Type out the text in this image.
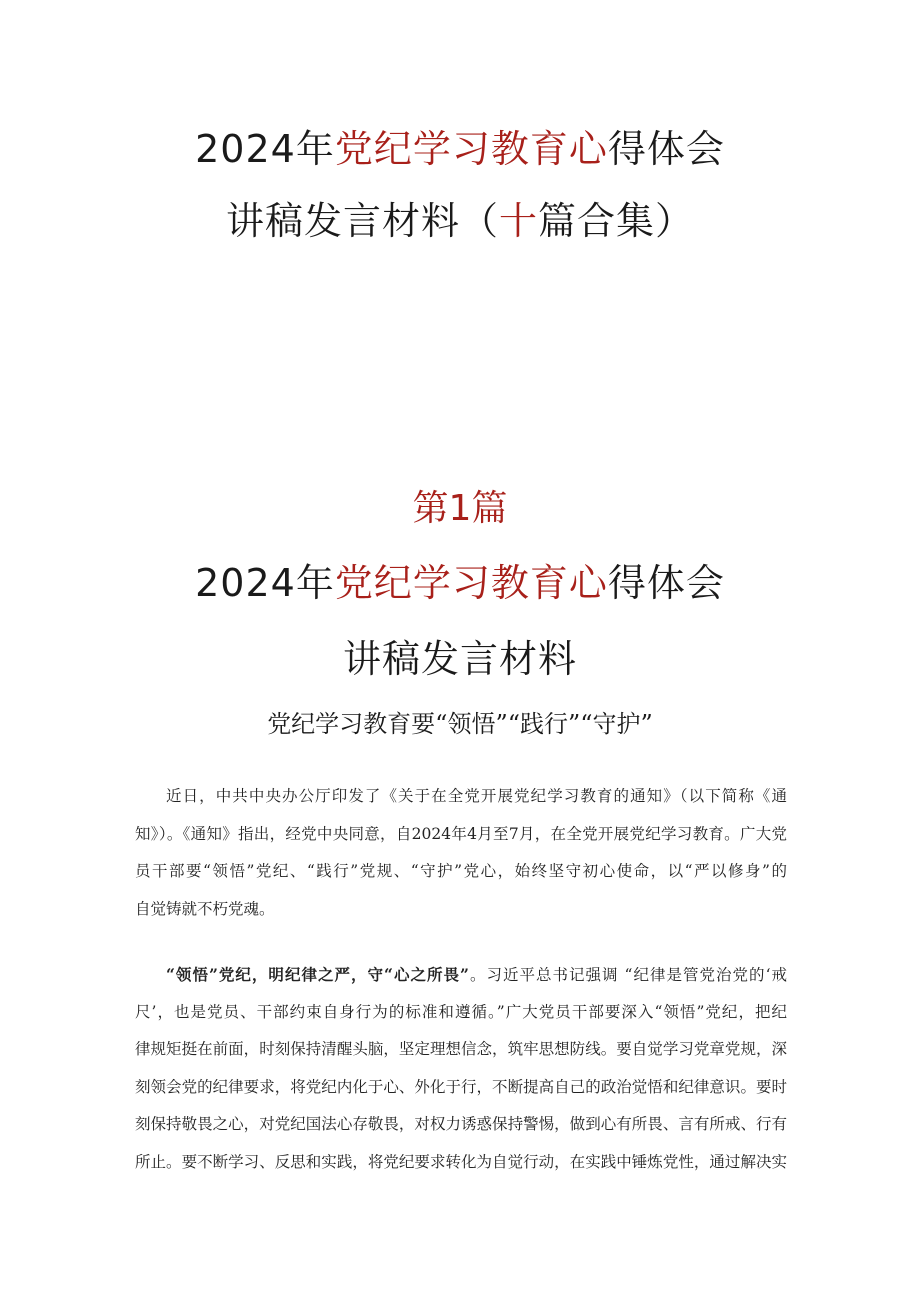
2024年党纪学习教育心得体会
讲稿发言材料（十篇合集）
第1篇
2024年党纪学习教育心得体会
讲稿发言材料
党纪学习教育要“领悟”“践行”“守护”
近日，中共中央办公厅印发了《关于在全党开展党纪学习教育的通知》（以下简称《通
知》）。《通知》指出，经党中央同意，自2024年4月至7月，在全党开展党纪学习教育。广大党
员干部要“领悟”党纪、“践行”党规、“守护”党心，始终坚守初心使命，以“严以修身”的
自觉铸就不朽党魂。
“领悟”党纪，明纪律之严，守“心之所畏”。习近平总书记强调 “纪律是管党治党的‘戒
尺’，也是党员、干部约束自身行为的标准和遵循。”广大党员干部要深入“领悟”党纪，把纪
律规矩挺在前面，时刻保持清醒头脑，坚定理想信念，筑牢思想防线。要自觉学习党章党规，深
刻领会党的纪律要求，将党纪内化于心、外化于行，不断提高自己的政治觉悟和纪律意识。要时
刻保持敬畏之心，对党纪国法心存敬畏，对权力诱惑保持警惕，做到心有所畏、言有所戒、行有
所止。要不断学习、反思和实践，将党纪要求转化为自觉行动，在实践中锤炼党性，通过解决实
